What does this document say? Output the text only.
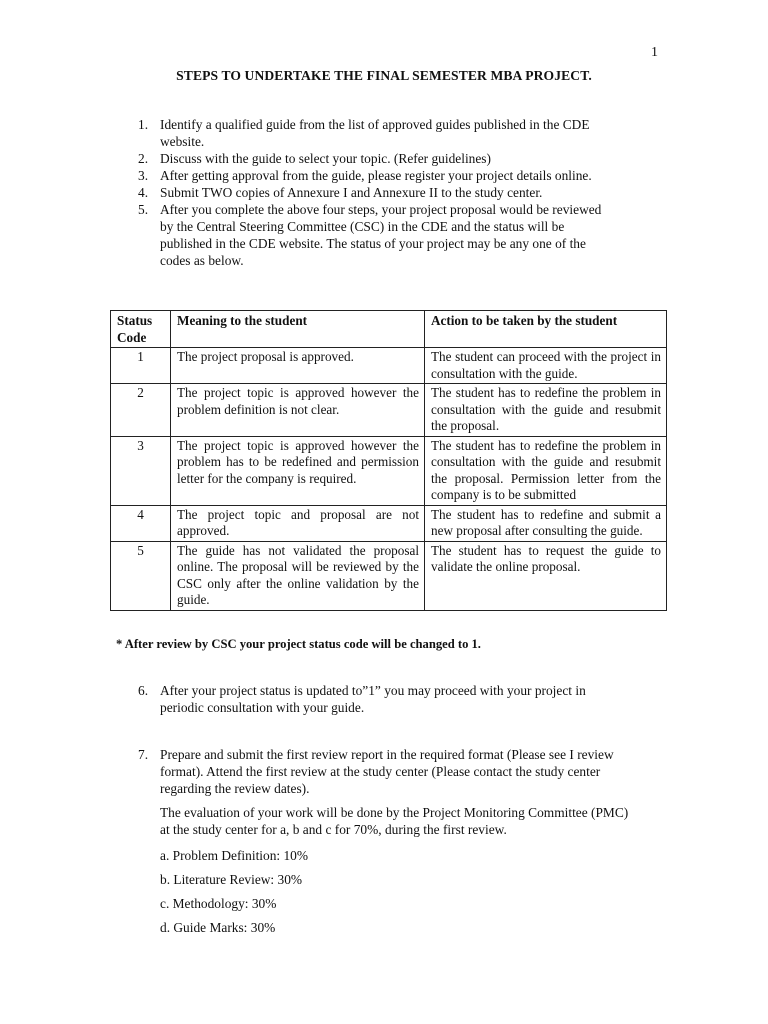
1
STEPS TO UNDERTAKE THE FINAL SEMESTER MBA PROJECT.
1. Identify a qualified guide from the list of approved guides published in the CDE website.
2. Discuss with the guide to select your topic. (Refer guidelines)
3. After getting approval from the guide, please register your project details online.
4. Submit TWO copies of Annexure I and Annexure II to the study center.
5. After you complete the above four steps, your project proposal would be reviewed by the Central Steering Committee (CSC) in the CDE and the status will be published in the CDE website. The status of your project may be any one of the codes as below.
Status Code	Meaning to the student	Action to be taken by the student
1	The project proposal is approved.	The student can proceed with the project in consultation with the guide.
2	The project topic is approved however the problem definition is not clear.	The student has to redefine the problem in consultation with the guide and resubmit the proposal.
3	The project topic is approved however the problem has to be redefined and permission letter for the company is required.	The student has to redefine the problem in consultation with the guide and resubmit the proposal. Permission letter from the company is to be submitted
4	The project topic and proposal are not approved.	The student has to redefine and submit a new proposal after consulting the guide.
5	The guide has not validated the proposal online. The proposal will be reviewed by the CSC only after the online validation by the guide.	The student has to request the guide to validate the online proposal.
* After review by CSC your project status code will be changed to 1.
6. After your project status is updated to”1” you may proceed with your project in periodic consultation with your guide.
7. Prepare and submit the first review report in the required format (Please see I review format). Attend the first review at the study center (Please contact the study center regarding the review dates).
The evaluation of your work will be done by the Project Monitoring Committee (PMC) at the study center for a, b and c for 70%, during the first review.
a. Problem Definition: 10%
b. Literature Review: 30%
c. Methodology: 30%
d. Guide Marks: 30%
